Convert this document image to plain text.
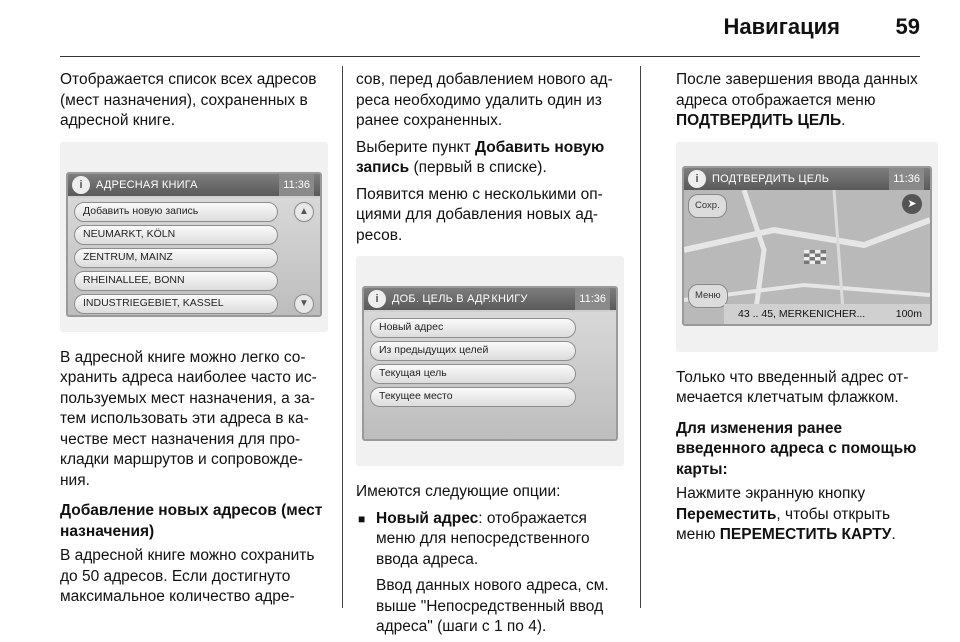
Навигация	59

Отображается список всех адресов (мест назначения), сохраненных в адресной книге.

i	АДРЕСНАЯ КНИГА	11:36
Добавить новую запись
NEUMARKT, KÖLN
ZENTRUM, MAINZ
RHEINALLEE, BONN
INDUSTRIEGEBIET, KASSEL
▲
▼

В адресной книге можно легко со-хранить адреса наиболее часто ис-пользуемых мест назначения, а за-тем использовать эти адреса в ка-честве мест назначения для про-кладки маршрутов и сопровожде-ния.

Добавление новых адресов (мест назначения)

В адресной книге можно сохранить до 50 адресов. Если достигнуто максимальное количество адре-

сов, перед добавлением нового ад-реса необходимо удалить один из ранее сохраненных.

Выберите пункт Добавить новую запись (первый в списке).

Появится меню с несколькими оп-циями для добавления новых ад-ресов.

i	ДОБ. ЦЕЛЬ В АДР.КНИГУ	11:36
Новый адрес
Из предыдущих целей
Текущая цель
Текущее место

Имеются следующие опции:

■ Новый адрес: отображается меню для непосредственного ввода адреса.

Ввод данных нового адреса, см. выше "Непосредственный ввод адреса" (шаги с 1 по 4).

После завершения ввода данных адреса отображается меню ПОДТВЕРДИТЬ ЦЕЛЬ.

i	ПОДТВЕРДИТЬ ЦЕЛЬ	11:36
Сохр.
Меню
➤
43 .. 45, MERKENICHER...	100m

Только что введенный адрес от-мечается клетчатым флажком.

Для изменения ранее введенного адреса с помощью карты:

Нажмите экранную кнопку Переместить, чтобы открыть меню ПЕРЕМЕСТИТЬ КАРТУ.
